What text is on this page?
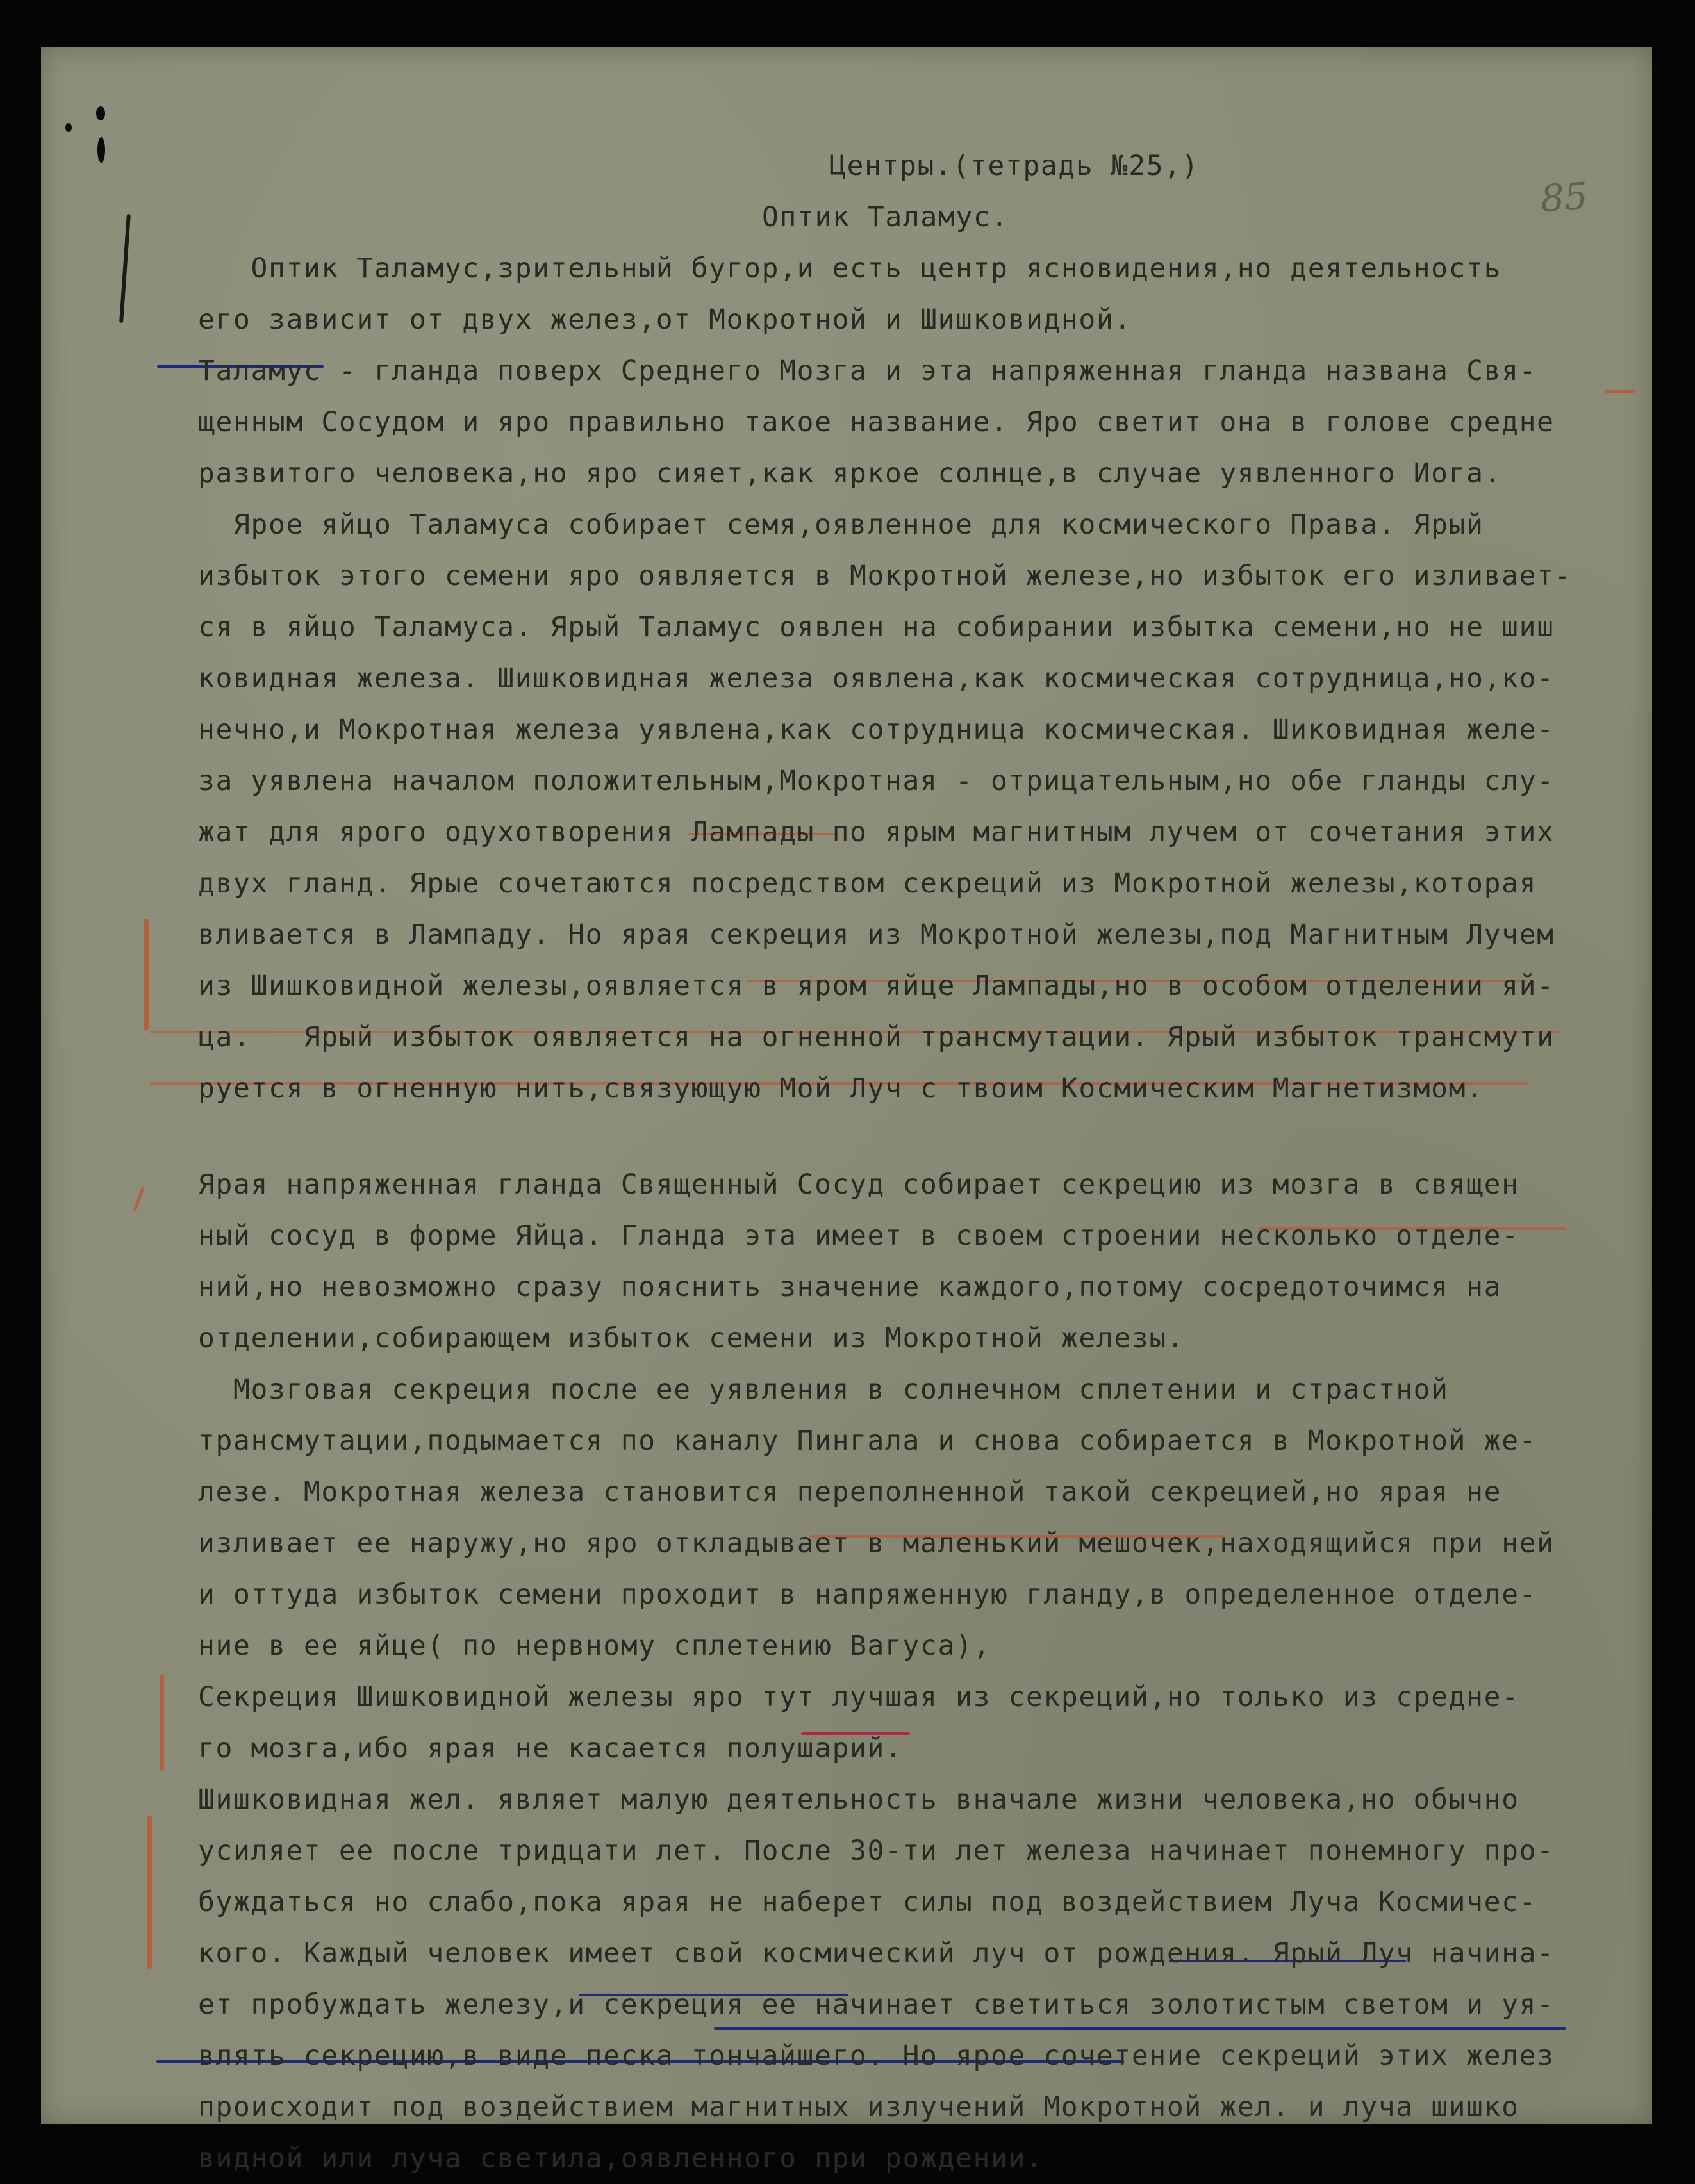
85
Центры.(тетрадь №25,)
Оптик Таламус.
Оптик Таламус,зрительный бугор,и есть центр ясновидения,но деятельность
его зависит от двух желез,от Мокротной и Шишковидной.
Таламус - гланда поверх Среднего Мозга и эта напряженная гланда названа Свя-
щенным Сосудом и яро правильно такое название. Яро светит она в голове средне
развитого человека,но яро сияет,как яркое солнце,в случае уявленного Иога.
Ярое яйцо Таламуса собирает семя,оявленное для космического Права. Ярый
избыток этого семени яро оявляется в Мокротной железе,но избыток его изливает-
ся в яйцо Таламуса. Ярый Таламус оявлен на собирании избытка семени,но не шиш
ковидная железа. Шишковидная железа оявлена,как космическая сотрудница,но,ко-
нечно,и Мокротная железа уявлена,как сотрудница космическая. Шиковидная желе-
за уявлена началом положительным,Мокротная - отрицательным,но обе гланды слу-
жат для ярого одухотворения Лампады по ярым магнитным лучем от сочетания этих
двух гланд. Ярые сочетаются посредством секреций из Мокротной железы,которая
вливается в Лампаду. Но ярая секреция из Мокротной железы,под Магнитным Лучем
из Шишковидной железы,оявляется в яром яйце Лампады,но в особом отделении яй-
ца.   Ярый избыток оявляется на огненной трансмутации. Ярый избыток трансмути
руется в огненную нить,связующую Мой Луч с твоим Космическим Магнетизмом.
Ярая напряженная гланда Священный Сосуд собирает секрецию из мозга в священ
ный сосуд в форме Яйца. Гланда эта имеет в своем строении несколько отделе-
ний,но невозможно сразу пояснить значение каждого,потому сосредоточимся на
отделении,собирающем избыток семени из Мокротной железы.
Мозговая секреция после ее уявления в солнечном сплетении и страстной
трансмутации,подымается по каналу Пингала и снова собирается в Мокротной же-
лезе. Мокротная железа становится переполненной такой секрецией,но ярая не
изливает ее наружу,но яро откладывает в маленький мешочек,находящийся при ней
и оттуда избыток семени проходит в напряженную гланду,в определенное отделе-
ние в ее яйце( по нервному сплетению Вагуса),
Секреция Шишковидной железы яро тут лучшая из секреций,но только из средне-
го мозга,ибо ярая не касается полушарий.
Шишковидная жел. являет малую деятельность вначале жизни человека,но обычно
усиляет ее после тридцати лет. После 30-ти лет железа начинает понемногу про-
буждаться но слабо,пока ярая не наберет силы под воздействием Луча Космичес-
кого. Каждый человек имеет свой космический луч от рождения. Ярый Луч начина-
ет пробуждать железу,и секреция ее начинает светиться золотистым светом и уя-
влять секрецию,в виде песка тончайшего. Но ярое сочетение секреций этих желез
происходит под воздействием магнитных излучений Мокротной жел. и луча шишко
видной или луча светила,оявленного при рождении.
